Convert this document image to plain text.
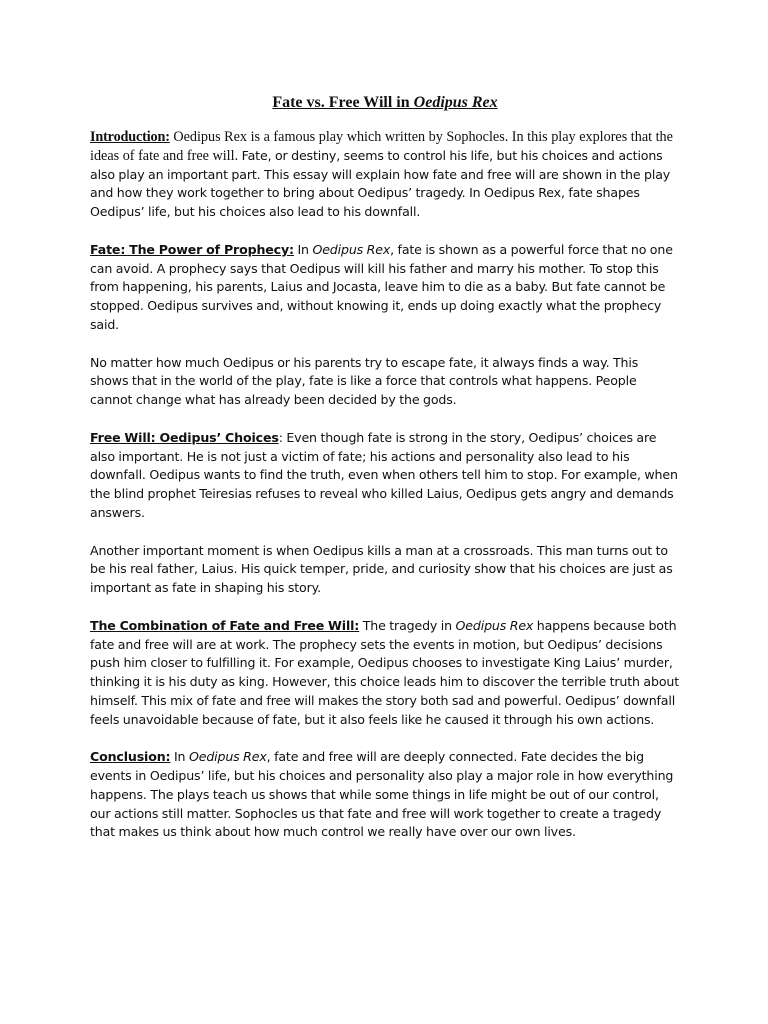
Fate vs. Free Will in Oedipus Rex

Introduction: Oedipus Rex is a famous play which written by Sophocles. In this play explores that the ideas of fate and free will. Fate, or destiny, seems to control his life, but his choices and actions also play an important part. This essay will explain how fate and free will are shown in the play and how they work together to bring about Oedipus’ tragedy. In Oedipus Rex, fate shapes Oedipus’ life, but his choices also lead to his downfall.

Fate: The Power of Prophecy: In Oedipus Rex, fate is shown as a powerful force that no one can avoid. A prophecy says that Oedipus will kill his father and marry his mother. To stop this from happening, his parents, Laius and Jocasta, leave him to die as a baby. But fate cannot be stopped. Oedipus survives and, without knowing it, ends up doing exactly what the prophecy said.

No matter how much Oedipus or his parents try to escape fate, it always finds a way. This shows that in the world of the play, fate is like a force that controls what happens. People cannot change what has already been decided by the gods.

Free Will: Oedipus’ Choices: Even though fate is strong in the story, Oedipus’ choices are also important. He is not just a victim of fate; his actions and personality also lead to his downfall. Oedipus wants to find the truth, even when others tell him to stop. For example, when the blind prophet Teiresias refuses to reveal who killed Laius, Oedipus gets angry and demands answers.

Another important moment is when Oedipus kills a man at a crossroads. This man turns out to be his real father, Laius. His quick temper, pride, and curiosity show that his choices are just as important as fate in shaping his story.

The Combination of Fate and Free Will: The tragedy in Oedipus Rex happens because both fate and free will are at work. The prophecy sets the events in motion, but Oedipus’ decisions push him closer to fulfilling it. For example, Oedipus chooses to investigate King Laius’ murder, thinking it is his duty as king. However, this choice leads him to discover the terrible truth about himself. This mix of fate and free will makes the story both sad and powerful. Oedipus’ downfall feels unavoidable because of fate, but it also feels like he caused it through his own actions.

Conclusion: In Oedipus Rex, fate and free will are deeply connected. Fate decides the big events in Oedipus’ life, but his choices and personality also play a major role in how everything happens. The plays teach us shows that while some things in life might be out of our control, our actions still matter. Sophocles us that fate and free will work together to create a tragedy that makes us think about how much control we really have over our own lives.
